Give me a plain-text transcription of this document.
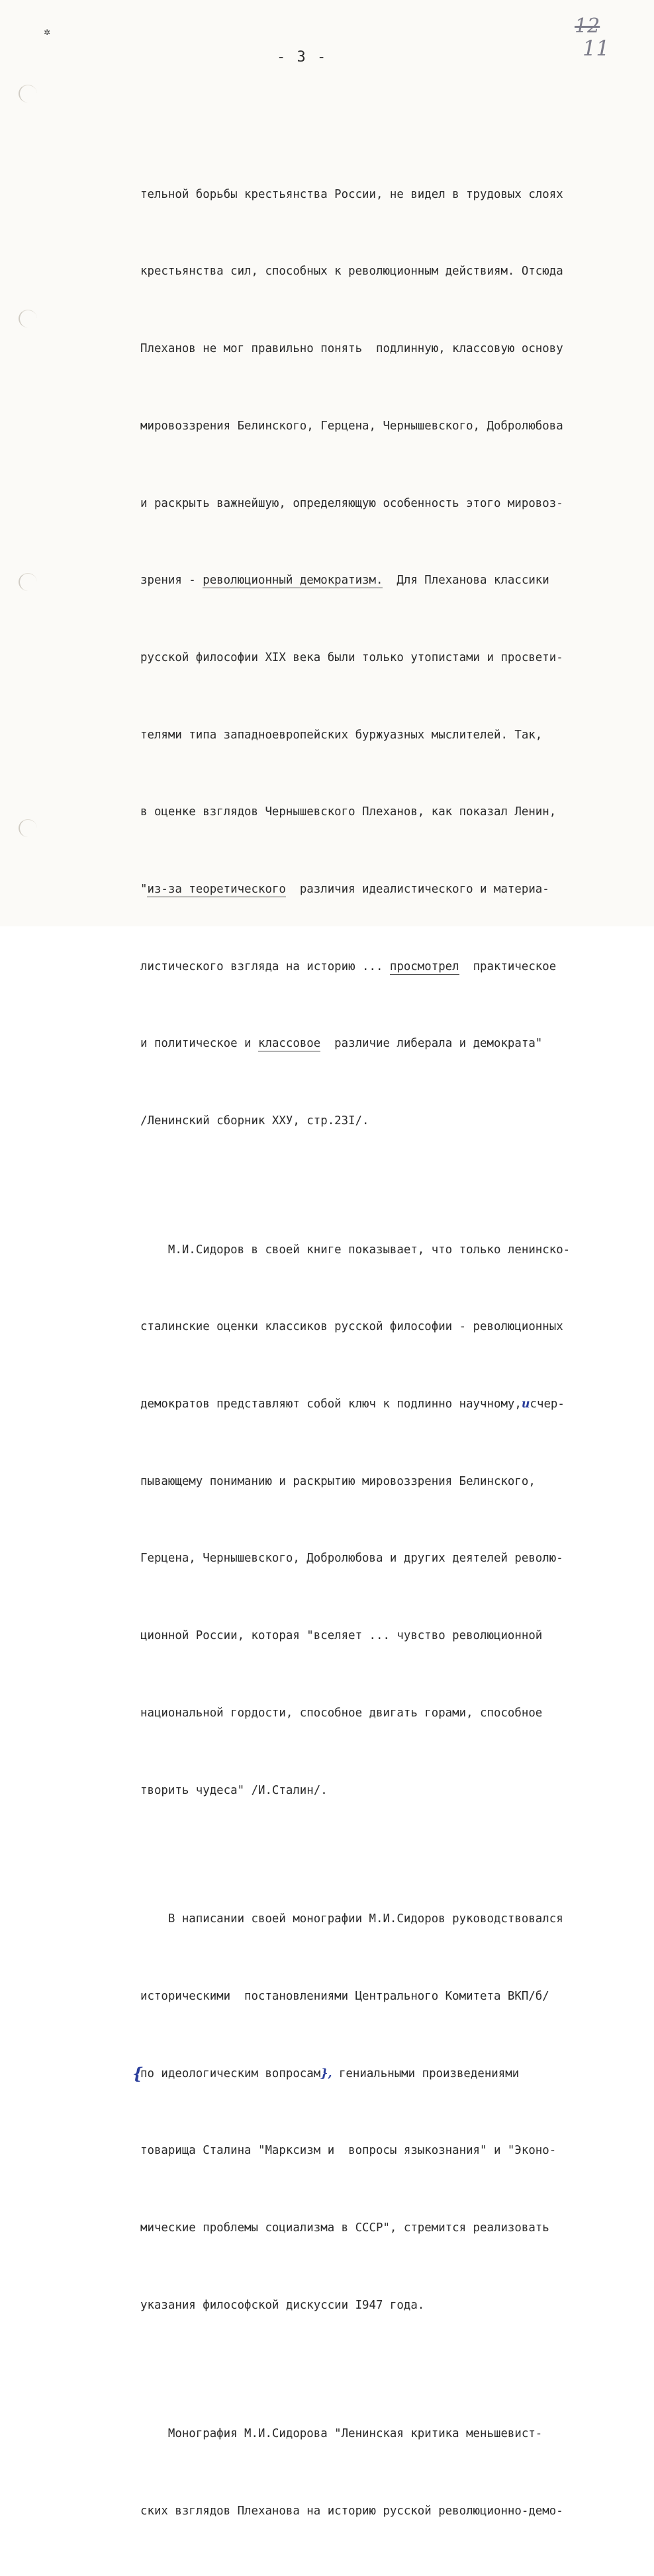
✲	12
11
- 3 -

тельной борьбы крестьянства России, не видел в трудовых слоях

крестьянства сил, способных к революционным действиям. Отсюда

Плеханов не мог правильно понять  подлинную, классовую основу

мировоззрения Белинского, Герцена, Чернышевского, Добролюбова

и раскрыть важнейшую, определяющую особенность этого мировоз-

зрения - революционный демократизм.  Для Плеханова классики

русской философии XIX века были только утопистами и просвети-

телями типа западноевропейских буржуазных мыслителей. Так,

в оценке взглядов Чернышевского Плеханов, как показал Ленин,

"из-за теоретического  различия идеалистического и материа-

листического взгляда на историю ... просмотрел  практическое

и политическое и классовое  различие либерала и демократа"

/Ленинский сборник XXУ, стр.23I/.

М.И.Сидоров в своей книге показывает, что только ленинско-

сталинские оценки классиков русской философии - революционных

демократов представляют собой ключ к подлинно научному,исчер-

пывающему пониманию и раскрытию мировоззрения Белинского,

Герцена, Чернышевского, Добролюбова и других деятелей револю-

ционной России, которая "вселяет ... чувство революционной

национальной гордости, способное двигать горами, способное

творить чудеса" /И.Сталин/.

В написании своей монографии М.И.Сидоров руководствовался

историческими  постановлениями Центрального Комитета ВКП/б/

{
по идеологическим вопросам}, гениальными произведениями

товарища Сталина "Марксизм и  вопросы языкознания" и "Эконо-

мические проблемы социализма в СССР", стремится реализовать

указания философской дискуссии I947 года.

Монография М.И.Сидорова "Ленинская критика меньшевист-

ских взглядов Плеханова на историю русской революционно-демо-
